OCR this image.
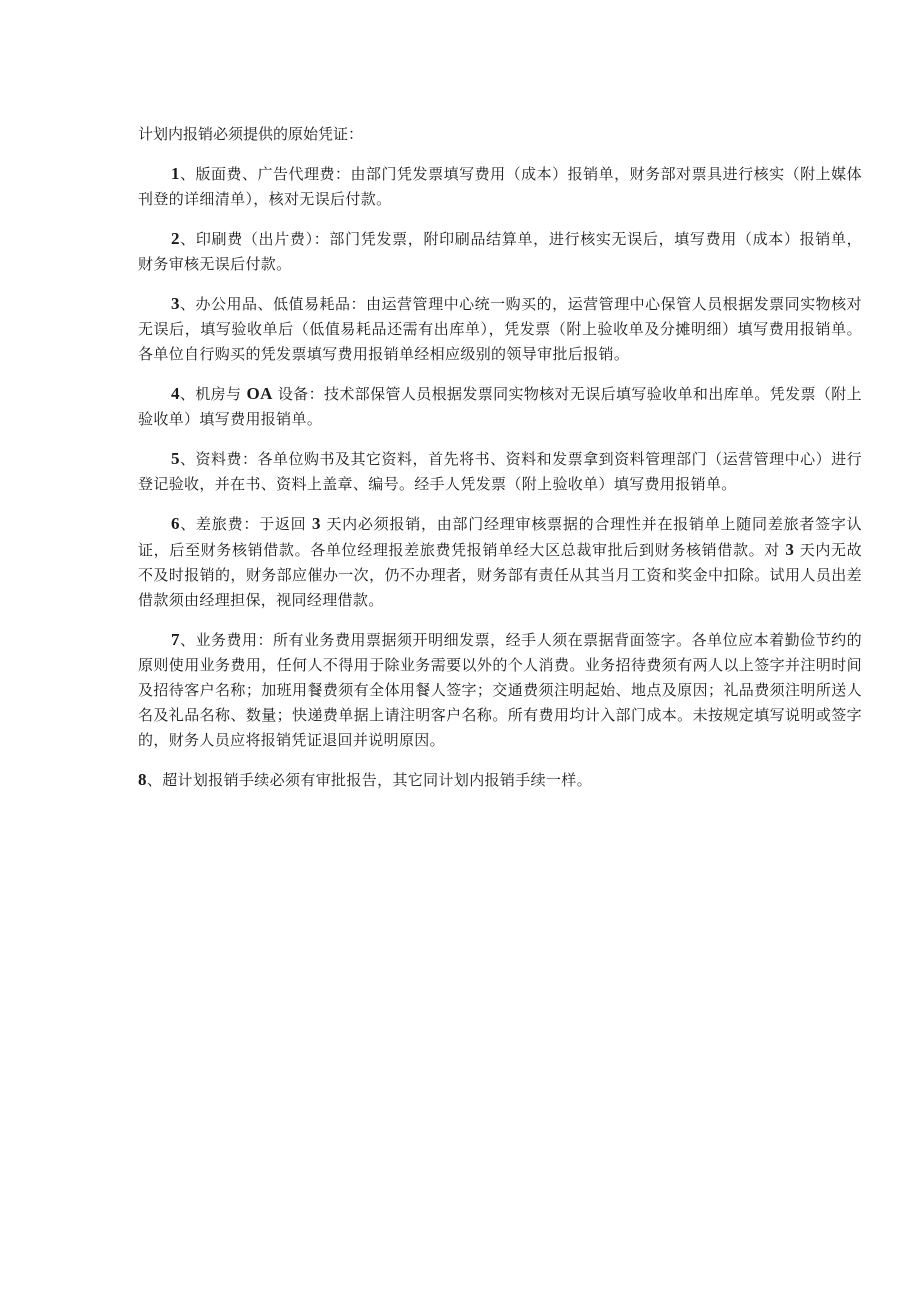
计划内报销必须提供的原始凭证：

1、版面费、广告代理费：由部门凭发票填写费用（成本）报销单，财务部对票具进行核实（附上媒体刊登的详细清单），核对无误后付款。

2、印刷费（出片费）：部门凭发票，附印刷品结算单，进行核实无误后，填写费用（成本）报销单，财务审核无误后付款。

3、办公用品、低值易耗品：由运营管理中心统一购买的，运营管理中心保管人员根据发票同实物核对无误后，填写验收单后（低值易耗品还需有出库单），凭发票（附上验收单及分摊明细）填写费用报销单。各单位自行购买的凭发票填写费用报销单经相应级别的领导审批后报销。

4、机房与 OA 设备：技术部保管人员根据发票同实物核对无误后填写验收单和出库单。凭发票（附上验收单）填写费用报销单。

5、资料费：各单位购书及其它资料，首先将书、资料和发票拿到资料管理部门（运营管理中心）进行登记验收，并在书、资料上盖章、编号。经手人凭发票（附上验收单）填写费用报销单。

6、差旅费：于返回 3 天内必须报销，由部门经理审核票据的合理性并在报销单上随同差旅者签字认证，后至财务核销借款。各单位经理报差旅费凭报销单经大区总裁审批后到财务核销借款。对 3 天内无故不及时报销的，财务部应催办一次，仍不办理者，财务部有责任从其当月工资和奖金中扣除。试用人员出差借款须由经理担保，视同经理借款。

7、业务费用：所有业务费用票据须开明细发票，经手人须在票据背面签字。各单位应本着勤俭节约的原则使用业务费用，任何人不得用于除业务需要以外的个人消费。业务招待费须有两人以上签字并注明时间及招待客户名称；加班用餐费须有全体用餐人签字；交通费须注明起始、地点及原因；礼品费须注明所送人名及礼品名称、数量；快递费单据上请注明客户名称。所有费用均计入部门成本。未按规定填写说明或签字的，财务人员应将报销凭证退回并说明原因。

8、超计划报销手续必须有审批报告，其它同计划内报销手续一样。
